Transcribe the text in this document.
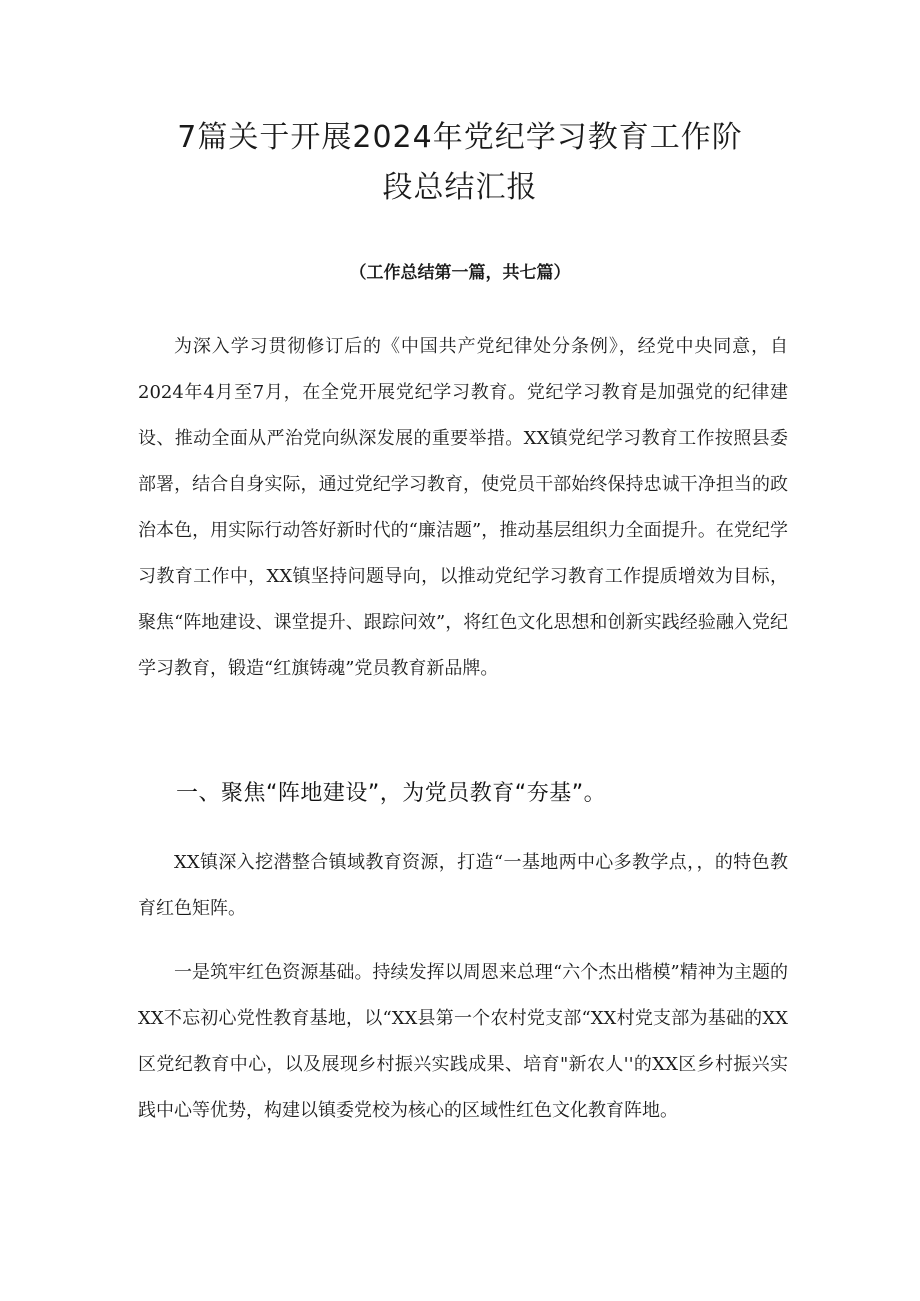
7篇关于开展2024年党纪学习教育工作阶
段总结汇报

（工作总结第一篇，共七篇）

为深入学习贯彻修订后的《中国共产党纪律处分条例》，经党中央同意，自2024年4月至7月，在全党开展党纪学习教育。党纪学习教育是加强党的纪律建设、推动全面从严治党向纵深发展的重要举措。XX镇党纪学习教育工作按照县委部署，结合自身实际，通过党纪学习教育，使党员干部始终保持忠诚干净担当的政治本色，用实际行动答好新时代的“廉洁题”，推动基层组织力全面提升。在党纪学习教育工作中，XX镇坚持问题导向，以推动党纪学习教育工作提质增效为目标，聚焦“阵地建设、课堂提升、跟踪问效”，将红色文化思想和创新实践经验融入党纪学习教育，锻造“红旗铸魂”党员教育新品牌。

一、聚焦“阵地建设”，为党员教育“夯基”。

XX镇深入挖潜整合镇域教育资源，打造“一基地两中心多教学点，，的特色教育红色矩阵。

一是筑牢红色资源基础。持续发挥以周恩来总理“六个杰出楷模”精神为主题的XX不忘初心党性教育基地，以“XX县第一个农村党支部“XX村党支部为基础的XX区党纪教育中心，以及展现乡村振兴实践成果、培育"新农人''的XX区乡村振兴实践中心等优势，构建以镇委党校为核心的区域性红色文化教育阵地。
